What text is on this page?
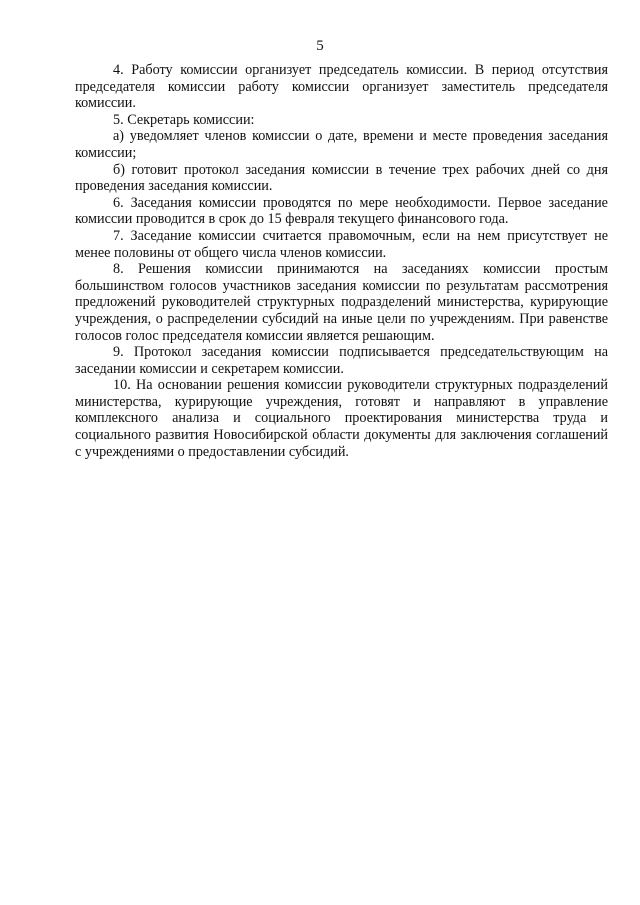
5

4. Работу комиссии организует председатель комиссии. В период отсутствия председателя комиссии работу комиссии организует заместитель председателя комиссии.

5. Секретарь комиссии:

а) уведомляет членов комиссии о дате, времени и месте проведения заседания комиссии;

б) готовит протокол заседания комиссии в течение трех рабочих дней со дня проведения заседания комиссии.

6. Заседания комиссии проводятся по мере необходимости. Первое заседание комиссии проводится в срок до 15 февраля текущего финансового года.

7. Заседание комиссии считается правомочным, если на нем присутствует не менее половины от общего числа членов комиссии.

8. Решения комиссии принимаются на заседаниях комиссии простым большинством голосов участников заседания комиссии по результатам рассмотрения предложений руководителей структурных подразделений министерства, курирующие учреждения, о распределении субсидий на иные цели по учреждениям. При равенстве голосов голос председателя комиссии является решающим.

9. Протокол заседания комиссии подписывается председательствующим на заседании комиссии и секретарем комиссии.

10. На основании решения комиссии руководители структурных подразделений министерства, курирующие учреждения, готовят и направляют в управление комплексного анализа и социального проектирования министерства труда и социального развития Новосибирской области документы для заключения соглашений с учреждениями о предоставлении субсидий.
